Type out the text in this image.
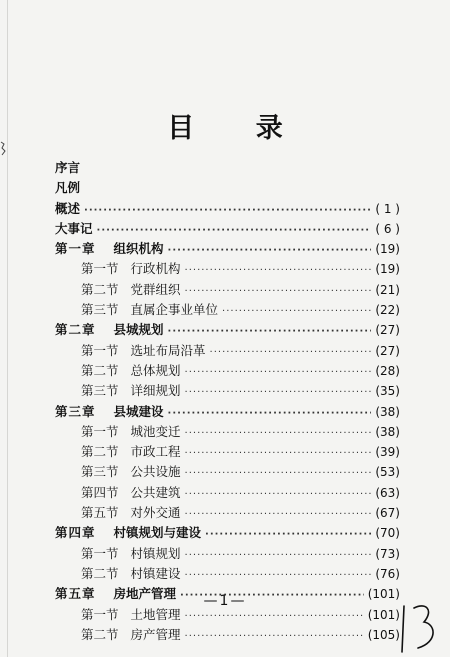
目 录
序言
凡例
概述 ·····	( 1 )
大事记 ·····	( 6 )
第一章 组织机构 ·····	(19)
第一节 行政机构 ·····	(19)
第二节 党群组织 ·····	(21)
第三节 直属企事业单位 ·····	(22)
第二章 县城规划 ·····	(27)
第一节 选址布局沿革 ·····	(27)
第二节 总体规划 ·····	(28)
第三节 详细规划 ·····	(35)
第三章 县城建设 ·····	(38)
第一节 城池变迁 ·····	(38)
第二节 市政工程 ·····	(39)
第三节 公共设施 ·····	(53)
第四节 公共建筑 ·····	(63)
第五节 对外交通 ·····	(67)
第四章 村镇规划与建设 ·····	(70)
第一节 村镇规划 ·····	(73)
第二节 村镇建设 ·····	(76)
第五章 房地产管理 ·····	(101)
第一节 土地管理 ·····	(101)
第二节 房产管理 ·····	(105)
—1—
